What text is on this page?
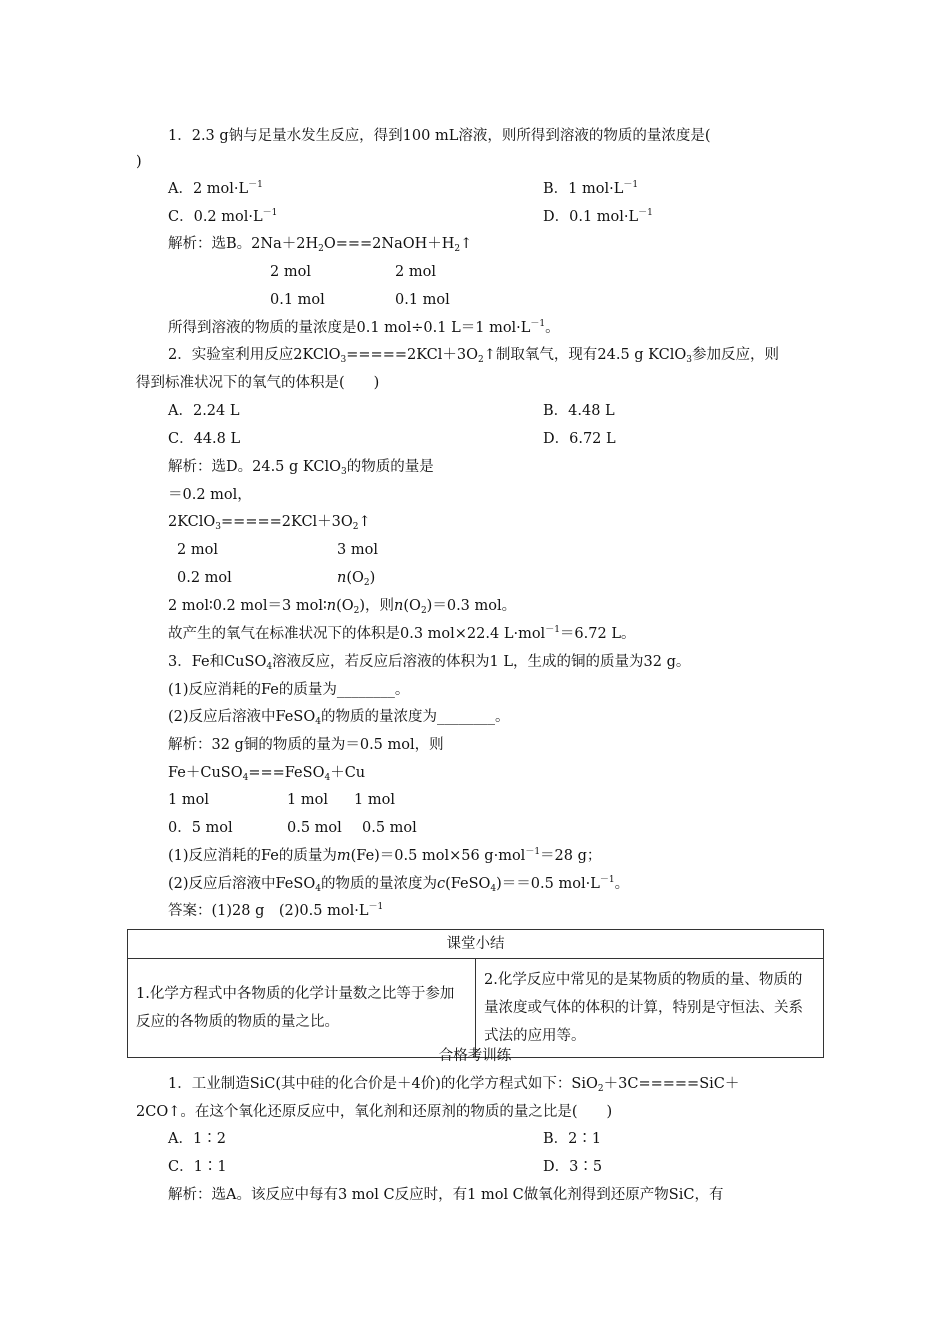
1．2.3 g钠与足量水发生反应，得到100 mL溶液，则所得到溶液的物质的量浓度是(
)
A．2 $mol\cdot L^{-1}$	B．1 $mol\cdot L^{-1}$
C．0.2 $mol\cdot L^{-1}$	D．0.1 $mol\cdot L^{-1}$
解析：选B。$2Na+2H_2O===2NaOH+H_2↑$
2 mol	2 mol
0.1 mol	0.1 mol
所得到溶液的物质的量浓度是0.1 mol÷0.1 L＝1 $mol\cdot L^{-1}$。
2．实验室利用反应$2KClO_3=====2KCl+3O_2↑$制取氧气，现有24.5 g KClO$_3$参加反应，则
得到标准状况下的氧气的体积是(　　)
A．2.24 L	B．4.48 L
C．44.8 L	D．6.72 L
解析：选D。24.5 g KClO$_3$的物质的量是
＝0.2 mol，
$2KClO_3=====2KCl+3O_2↑$
2 mol	3 mol
0.2 mol	$n(O_2)$
2 mol∶0.2 mol＝3 $mol∶n(O_2)$，则$n(O_2)=0.3$ mol。
故产生的氧气在标准状况下的体积是0.3 mol×22.4 L·mol$^{-1}$＝6.72 L。
3．Fe和CuSO$_4$溶液反应，若反应后溶液的体积为1 L，生成的铜的质量为32 g。
(1)反应消耗的Fe的质量为________。
(2)反应后溶液中FeSO$_4$的物质的量浓度为________。
解析：32 g铜的物质的量为＝0.5 mol，则
Fe＋CuSO$_4$===FeSO$_4$＋Cu
1 mol	1 mol 1 mol
0．5 mol	0.5 mol 0.5 mol
(1)反应消耗的Fe的质量为m(Fe)＝0.5 mol×56 g·mol$^{-1}$＝28 g；
(2)反应后溶液中FeSO$_4$的物质的量浓度为c(FeSO$_4$)＝＝0.5 $mol\cdot L^{-1}$。
答案：(1)28 g　(2)0.5 $mol\cdot L^{-1}$
课堂小结
1.化学方程式中各物质的化学计量数之比等于参加反应的各物质的物质的量之比。	2.化学反应中常见的是某物质的物质的量、物质的量浓度或气体的体积的计算，特别是守恒法、关系式法的应用等。
合格考训练
1．工业制造SiC(其中硅的化合价是＋4价)的化学方程式如下：SiO$_2$＋3C=====SiC＋
2CO↑。在这个氧化还原反应中，氧化剂和还原剂的物质的量之比是(　　)
A．1∶2	B．2∶1
C．1∶1	D．3∶5
解析：选A。该反应中每有3 mol C反应时，有1 mol C做氧化剂得到还原产物SiC，有
